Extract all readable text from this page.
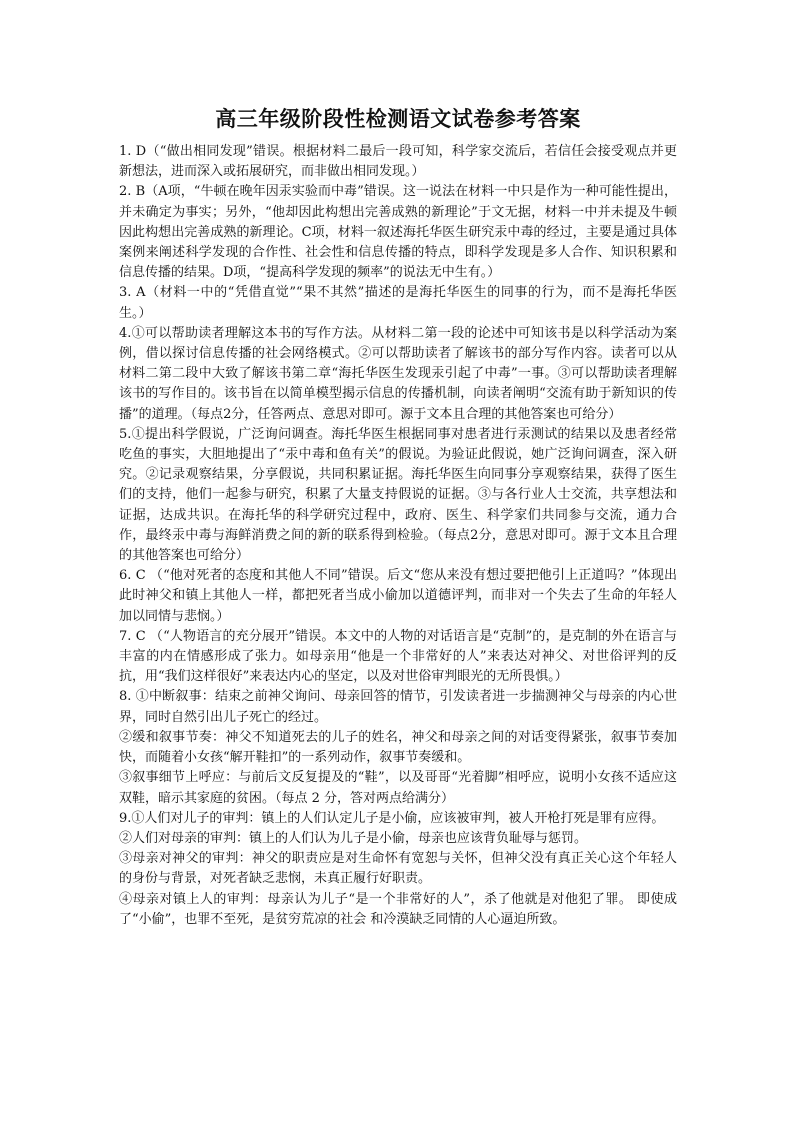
高三年级阶段性检测语文试卷参考答案

1. D（“做出相同发现”错误。根据材料二最后一段可知，科学家交流后，若信任会接受观点并更新想法，进而深入或拓展研究，而非做出相同发现。）

2. B（A项，“牛顿在晚年因汞实验而中毒”错误。这一说法在材料一中只是作为一种可能性提出，并未确定为事实；另外，“他却因此构想出完善成熟的新理论”于文无据，材料一中并未提及牛顿因此构想出完善成熟的新理论。C项，材料一叙述海托华医生研究汞中毒的经过，主要是通过具体案例来阐述科学发现的合作性、社会性和信息传播的特点，即科学发现是多人合作、知识积累和信息传播的结果。D项，“提高科学发现的频率”的说法无中生有。）

3. A（材料一中的“凭借直觉”“果不其然”描述的是海托华医生的同事的行为，而不是海托华医生。）

4.①可以帮助读者理解这本书的写作方法。从材料二第一段的论述中可知该书是以科学活动为案例，借以探讨信息传播的社会网络模式。②可以帮助读者了解该书的部分写作内容。读者可以从材料二第二段中大致了解该书第二章“海托华医生发现汞引起了中毒”一事。③可以帮助读者理解该书的写作目的。该书旨在以简单模型揭示信息的传播机制，向读者阐明“交流有助于新知识的传播”的道理。（每点2分，任答两点、意思对即可。源于文本且合理的其他答案也可给分）

5.①提出科学假说，广泛询问调查。海托华医生根据同事对患者进行汞测试的结果以及患者经常吃鱼的事实，大胆地提出了“汞中毒和鱼有关”的假说。为验证此假说，她广泛询问调查，深入研究。②记录观察结果，分享假说，共同积累证据。海托华医生向同事分享观察结果，获得了医生们的支持，他们一起参与研究，积累了大量支持假说的证据。③与各行业人士交流，共享想法和证据，达成共识。在海托华的科学研究过程中，政府、医生、科学家们共同参与交流，通力合作，最终汞中毒与海鲜消费之间的新的联系得到检验。（每点2分，意思对即可。源于文本且合理的其他答案也可给分）

6. C （“他对死者的态度和其他人不同”错误。后文“您从来没有想过要把他引上正道吗？”体现出此时神父和镇上其他人一样，都把死者当成小偷加以道德评判，而非对一个失去了生命的年轻人加以同情与悲悯。）

7. C （“人物语言的充分展开”错误。本文中的人物的对话语言是“克制”的，是克制的外在语言与丰富的内在情感形成了张力。如母亲用“他是一个非常好的人”来表达对神父、对世俗评判的反抗，用“我们这样很好”来表达内心的坚定，以及对世俗审判眼光的无所畏惧。）

8. ①中断叙事：结束之前神父询问、母亲回答的情节，引发读者进一步揣测神父与母亲的内心世界，同时自然引出儿子死亡的经过。

②缓和叙事节奏：神父不知道死去的儿子的姓名，神父和母亲之间的对话变得紧张，叙事节奏加快，而随着小女孩“解开鞋扣”的一系列动作，叙事节奏缓和。

③叙事细节上呼应：与前后文反复提及的“鞋”，以及哥哥“光着脚”相呼应，说明小女孩不适应这双鞋，暗示其家庭的贫困。（每点 2 分，答对两点给满分）

9.①人们对儿子的审判：镇上的人们认定儿子是小偷，应该被审判，被人开枪打死是罪有应得。

②人们对母亲的审判：镇上的人们认为儿子是小偷，母亲也应该背负耻辱与惩罚。

③母亲对神父的审判：神父的职责应是对生命怀有宽恕与关怀，但神父没有真正关心这个年轻人的身份与背景，对死者缺乏悲悯，未真正履行好职责。

④母亲对镇上人的审判：母亲认为儿子“是一个非常好的人”，杀了他就是对他犯了罪。 即使成了“小偷”，也罪不至死，是贫穷荒凉的社会 和冷漠缺乏同情的人心逼迫所致。
